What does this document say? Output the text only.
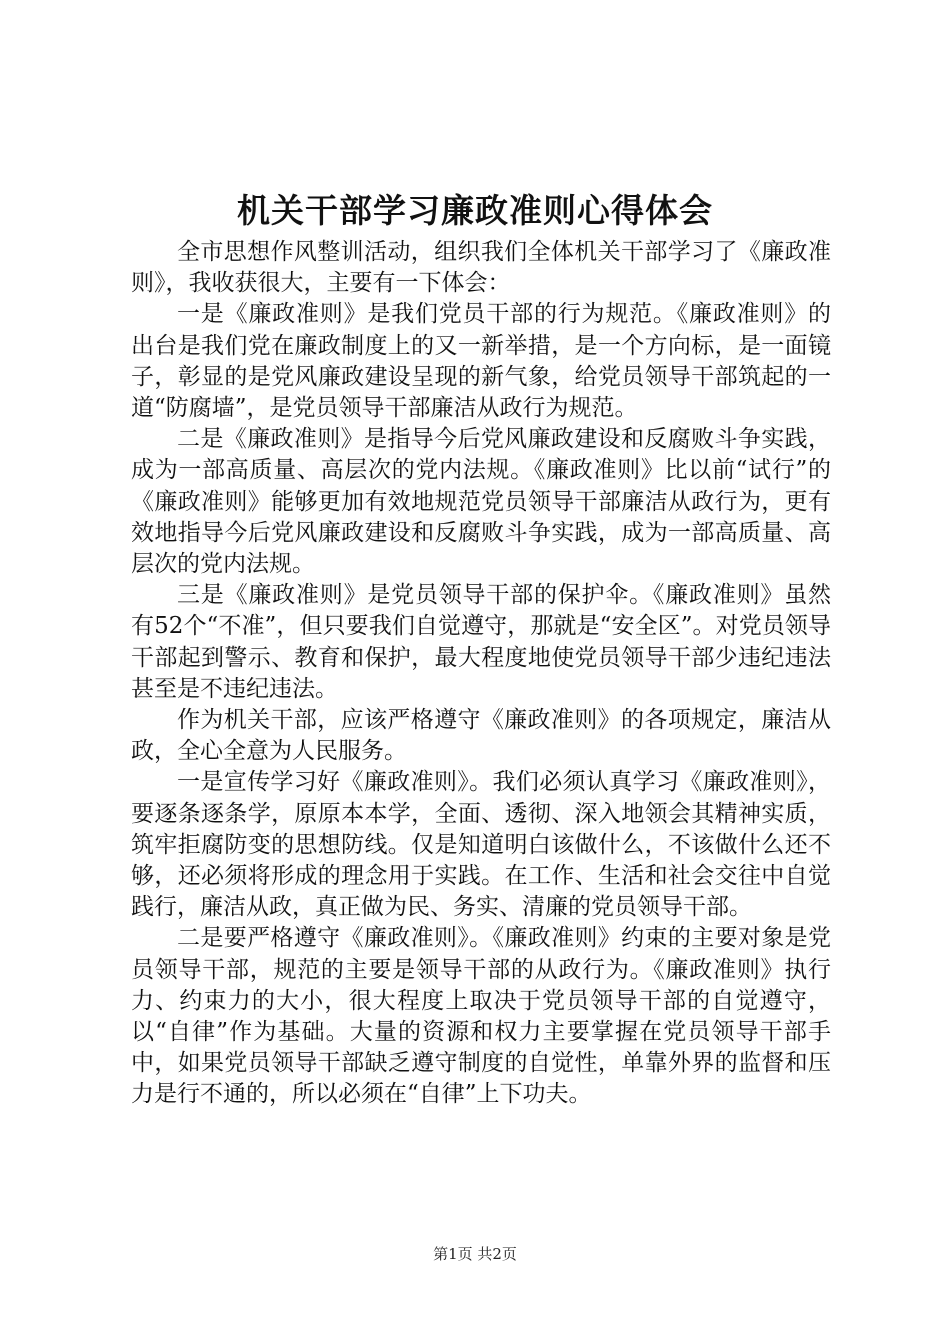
机关干部学习廉政准则心得体会

全市思想作风整训活动，组织我们全体机关干部学习了《廉政准则》，我收获很大，主要有一下体会：

一是《廉政准则》是我们党员干部的行为规范。《廉政准则》的出台是我们党在廉政制度上的又一新举措，是一个方向标，是一面镜子，彰显的是党风廉政建设呈现的新气象，给党员领导干部筑起的一道“防腐墙”，是党员领导干部廉洁从政行为规范。

二是《廉政准则》是指导今后党风廉政建设和反腐败斗争实践，成为一部高质量、高层次的党内法规。《廉政准则》比以前“试行”的《廉政准则》能够更加有效地规范党员领导干部廉洁从政行为，更有效地指导今后党风廉政建设和反腐败斗争实践，成为一部高质量、高层次的党内法规。

三是《廉政准则》是党员领导干部的保护伞。《廉政准则》虽然有52个“不准”，但只要我们自觉遵守，那就是“安全区”。对党员领导干部起到警示、教育和保护，最大程度地使党员领导干部少违纪违法甚至是不违纪违法。

作为机关干部，应该严格遵守《廉政准则》的各项规定，廉洁从政，全心全意为人民服务。

一是宣传学习好《廉政准则》。我们必须认真学习《廉政准则》，要逐条逐条学，原原本本学，全面、透彻、深入地领会其精神实质，筑牢拒腐防变的思想防线。仅是知道明白该做什么，不该做什么还不够，还必须将形成的理念用于实践。在工作、生活和社会交往中自觉践行，廉洁从政，真正做为民、务实、清廉的党员领导干部。

二是要严格遵守《廉政准则》。《廉政准则》约束的主要对象是党员领导干部，规范的主要是领导干部的从政行为。《廉政准则》执行力、约束力的大小，很大程度上取决于党员领导干部的自觉遵守，以“自律”作为基础。大量的资源和权力主要掌握在党员领导干部手中，如果党员领导干部缺乏遵守制度的自觉性，单靠外界的监督和压力是行不通的，所以必须在“自律”上下功夫。

第1页 共2页
